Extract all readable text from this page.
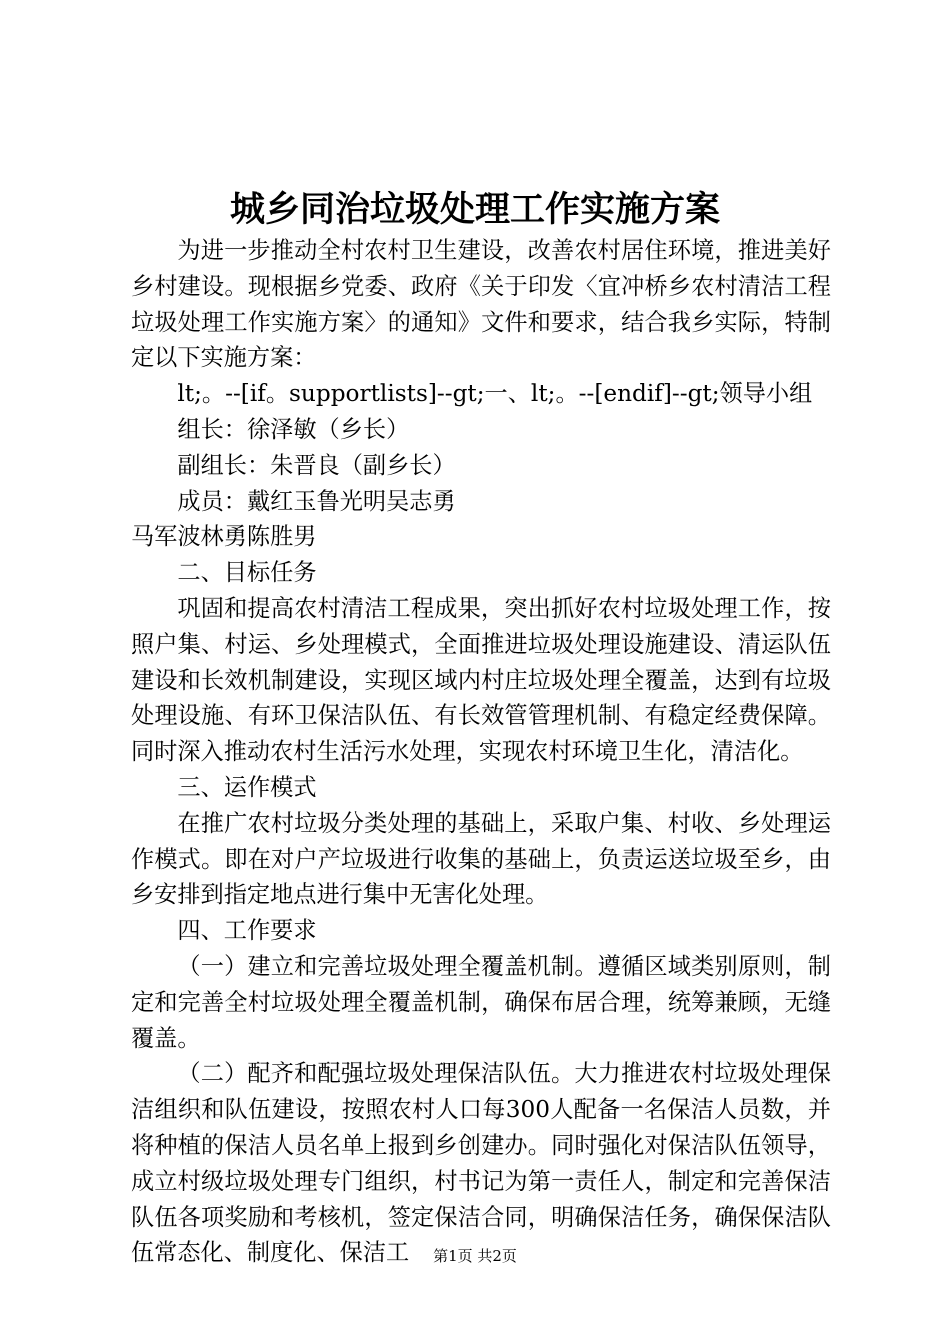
城乡同治垃圾处理工作实施方案

为进一步推动全村农村卫生建设，改善农村居住环境，推进美好乡村建设。现根据乡党委、政府《关于印发〈宜冲桥乡农村清洁工程垃圾处理工作实施方案〉的通知》文件和要求，结合我乡实际，特制定以下实施方案：

lt;。--[if。supportlists]--gt;一、lt;。--[endif]--gt;领导小组

组长：徐泽敏（乡长）

副组长：朱晋良（副乡长）

成员：戴红玉鲁光明吴志勇

马军波林勇陈胜男

二、目标任务

巩固和提高农村清洁工程成果，突出抓好农村垃圾处理工作，按照户集、村运、乡处理模式，全面推进垃圾处理设施建设、清运队伍建设和长效机制建设，实现区域内村庄垃圾处理全覆盖，达到有垃圾处理设施、有环卫保洁队伍、有长效管管理机制、有稳定经费保障。同时深入推动农村生活污水处理，实现农村环境卫生化，清洁化。

三、运作模式

在推广农村垃圾分类处理的基础上，采取户集、村收、乡处理运作模式。即在对户产垃圾进行收集的基础上，负责运送垃圾至乡，由乡安排到指定地点进行集中无害化处理。

四、工作要求

（一）建立和完善垃圾处理全覆盖机制。遵循区域类别原则，制定和完善全村垃圾处理全覆盖机制，确保布居合理，统筹兼顾，无缝覆盖。

（二）配齐和配强垃圾处理保洁队伍。大力推进农村垃圾处理保洁组织和队伍建设，按照农村人口每300人配备一名保洁人员数，并将种植的保洁人员名单上报到乡创建办。同时强化对保洁队伍领导，成立村级垃圾处理专门组织，村书记为第一责任人，制定和完善保洁队伍各项奖励和考核机，签定保洁合同，明确保洁任务，确保保洁队伍常态化、制度化、保洁工	第1页 共2页
